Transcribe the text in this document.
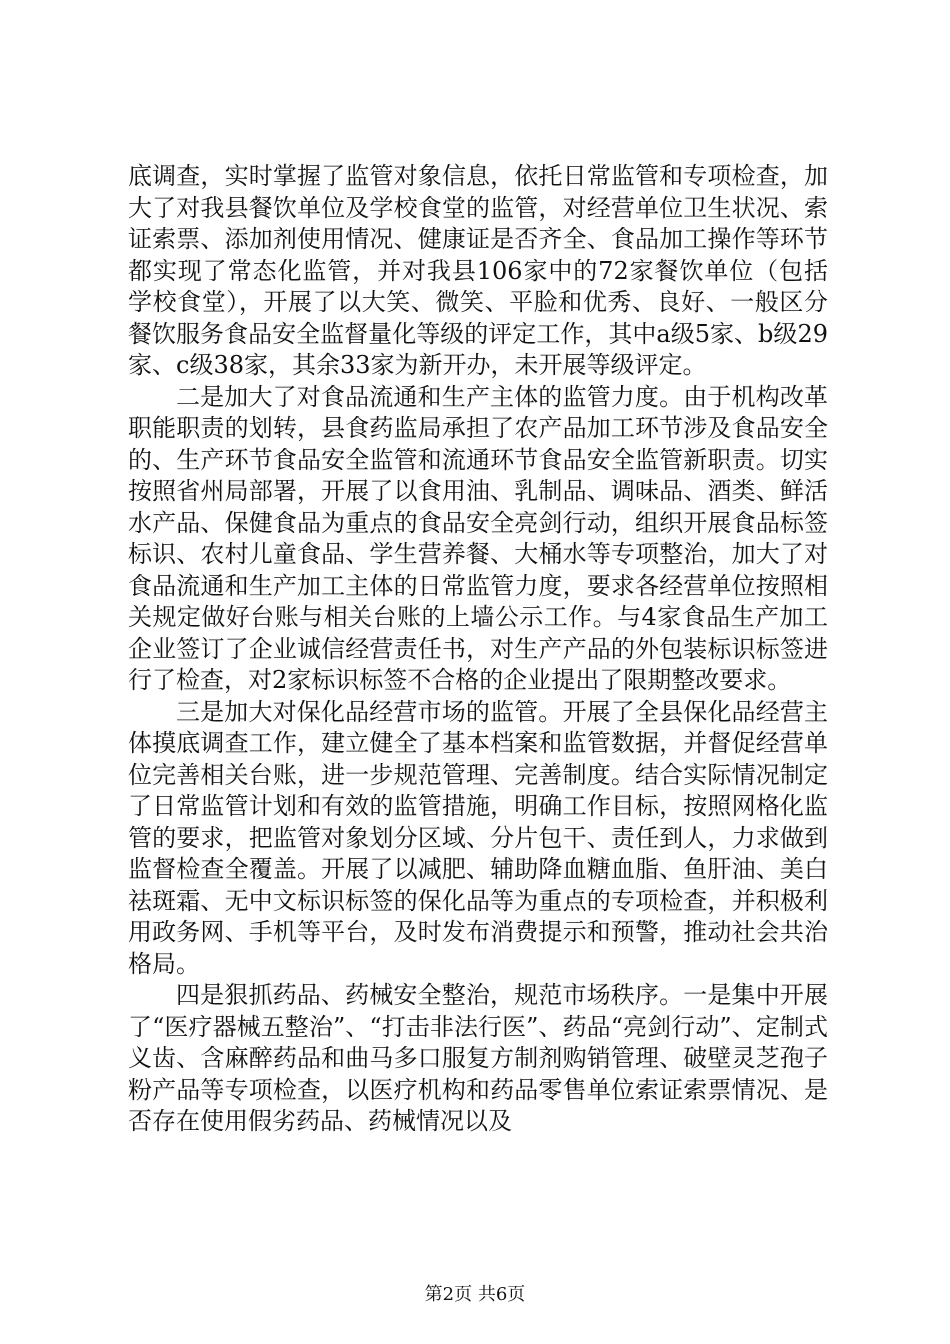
底调查，实时掌握了监管对象信息，依托日常监管和专项检查，加大了对我县餐饮单位及学校食堂的监管，对经营单位卫生状况、索证索票、添加剂使用情况、健康证是否齐全、食品加工操作等环节都实现了常态化监管，并对我县106家中的72家餐饮单位（包括学校食堂），开展了以大笑、微笑、平脸和优秀、良好、一般区分餐饮服务食品安全监督量化等级的评定工作，其中a级5家、b级29家、c级38家，其余33家为新开办，未开展等级评定。

二是加大了对食品流通和生产主体的监管力度。由于机构改革职能职责的划转，县食药监局承担了农产品加工环节涉及食品安全的、生产环节食品安全监管和流通环节食品安全监管新职责。切实按照省州局部署，开展了以食用油、乳制品、调味品、酒类、鲜活水产品、保健食品为重点的食品安全亮剑行动，组织开展食品标签标识、农村儿童食品、学生营养餐、大桶水等专项整治，加大了对食品流通和生产加工主体的日常监管力度，要求各经营单位按照相关规定做好台账与相关台账的上墙公示工作。与4家食品生产加工企业签订了企业诚信经营责任书，对生产产品的外包装标识标签进行了检查，对2家标识标签不合格的企业提出了限期整改要求。

三是加大对保化品经营市场的监管。开展了全县保化品经营主体摸底调查工作，建立健全了基本档案和监管数据，并督促经营单位完善相关台账，进一步规范管理、完善制度。结合实际情况制定了日常监管计划和有效的监管措施，明确工作目标，按照网格化监管的要求，把监管对象划分区域、分片包干、责任到人，力求做到监督检查全覆盖。开展了以减肥、辅助降血糖血脂、鱼肝油、美白祛斑霜、无中文标识标签的保化品等为重点的专项检查，并积极利用政务网、手机等平台，及时发布消费提示和预警，推动社会共治格局。

四是狠抓药品、药械安全整治，规范市场秩序。一是集中开展了“医疗器械五整治”、“打击非法行医”、药品“亮剑行动”、定制式义齿、含麻醉药品和曲马多口服复方制剂购销管理、破壁灵芝孢子粉产品等专项检查，以医疗机构和药品零售单位索证索票情况、是否存在使用假劣药品、药械情况以及

第2页 共6页
